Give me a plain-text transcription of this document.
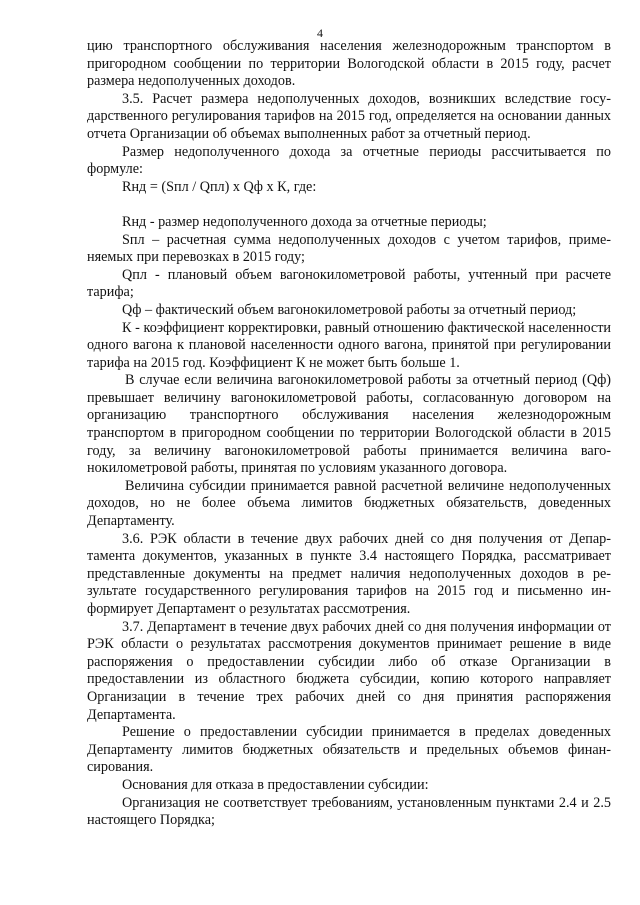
4

цию транспортного обслуживания населения железнодорожным транспортом в пригородном сообщении по территории Вологодской области в 2015 году, расчет размера недополученных доходов.

3.5. Расчет размера недополученных доходов, возникших вследствие государственного регулирования тарифов на 2015 год, определяется на основании данных отчета Организации об объемах выполненных работ за отчетный период.

Размер недополученного дохода за отчетные периоды рассчитывается по формуле:

Rнд = (Sпл / Qпл) х Qф х К, где:

Rнд - размер недополученного дохода за отчетные периоды;

Sпл – расчетная сумма недополученных доходов с учетом тарифов, применяемых при перевозках в 2015 году;

Qпл - плановый объем вагонокилометровой работы, учтенный при расчете тарифа;

Qф – фактический объем вагонокилометровой работы за отчетный период;

К - коэффициент корректировки, равный отношению фактической населенности одного вагона к плановой населенности одного вагона, принятой при регулировании тарифа на 2015 год. Коэффициент К не может быть больше 1.

В случае если величина вагонокилометровой работы за отчетный период (Qф) превышает величину вагонокилометровой работы, согласованную договором на организацию транспортного обслуживания населения железнодорожным транспортом в пригородном сообщении по территории Вологодской области в 2015 году, за величину вагонокилометровой работы принимается величина вагонокилометровой работы, принятая по условиям указанного договора.

Величина субсидии принимается равной расчетной величине недополученных доходов, но не более объема лимитов бюджетных обязательств, доведенных Департаменту.

3.6. РЭК области в течение двух рабочих дней со дня получения от Департамента документов, указанных в пункте 3.4 настоящего Порядка, рассматривает представленные документы на предмет наличия недополученных доходов в результате государственного регулирования тарифов на 2015 год и письменно информирует Департамент о результатах рассмотрения.

3.7. Департамент в течение двух рабочих дней со дня получения информации от РЭК области о результатах рассмотрения документов принимает решение в виде распоряжения о предоставлении субсидии либо об отказе Организации в предоставлении из областного бюджета субсидии, копию которого направляет Организации в течение трех рабочих дней со дня принятия распоряжения Департамента.

Решение о предоставлении субсидии принимается в пределах доведенных Департаменту лимитов бюджетных обязательств и предельных объемов финансирования.

Основания для отказа в предоставлении субсидии:

Организация не соответствует требованиям, установленным пунктами 2.4 и 2.5 настоящего Порядка;
